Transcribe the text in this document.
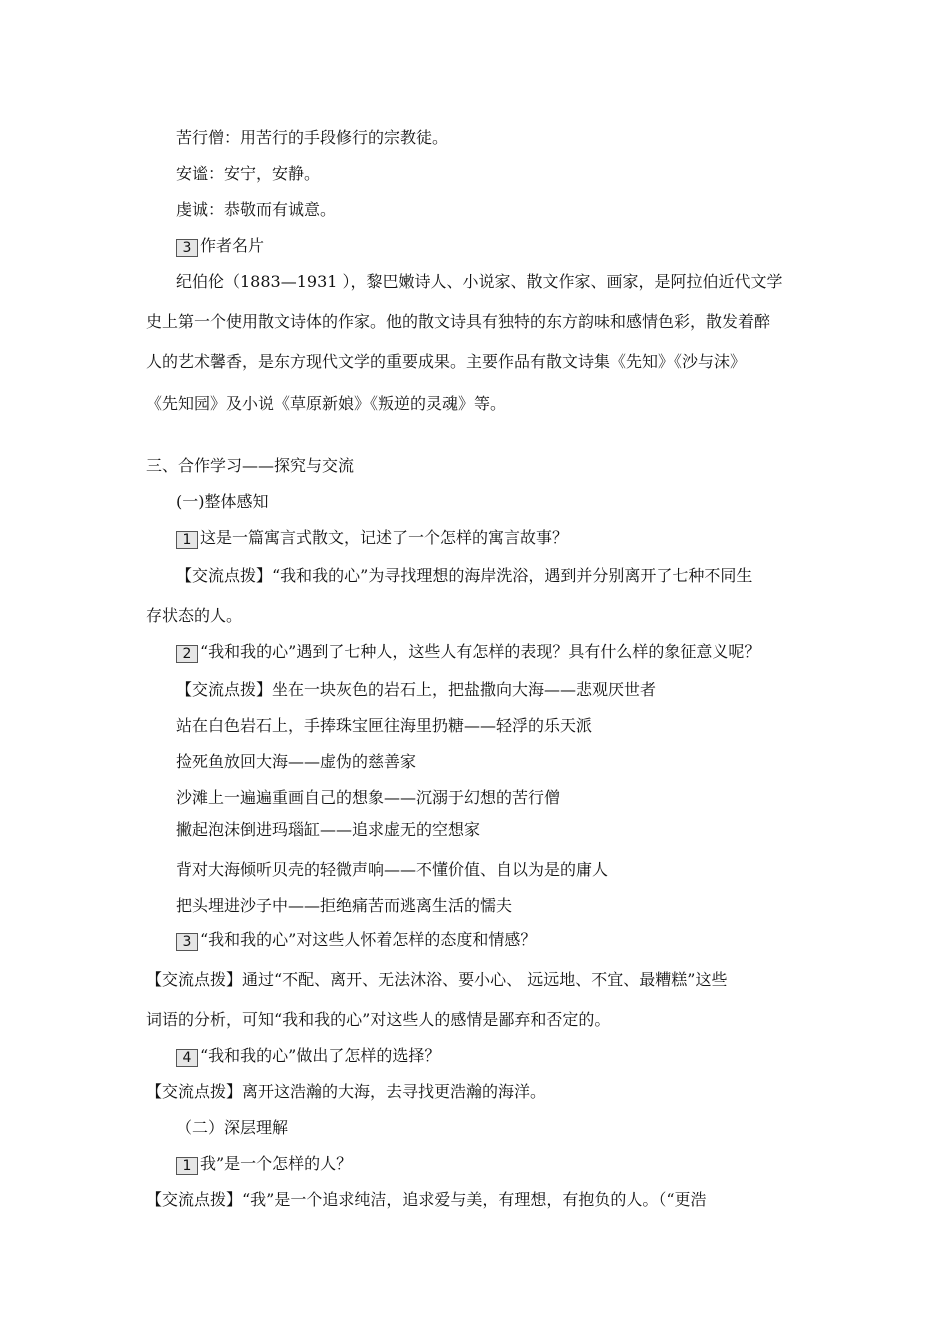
苦行僧：用苦行的手段修行的宗教徒。
安谧：安宁，安静。
虔诚：恭敬而有诚意。
3 作者名片
纪伯伦（1883—1931 ），黎巴嫩诗人、小说家、散文作家、画家，是阿拉伯近代文学
史上第一个使用散文诗体的作家。他的散文诗具有独特的东方韵味和感情色彩，散发着醉
人的艺术馨香，是东方现代文学的重要成果。主要作品有散文诗集《先知》《沙与沫》
《先知园》及小说《草原新娘》《叛逆的灵魂》等。
三、合作学习——探究与交流
(一)整体感知
1 这是一篇寓言式散文，记述了一个怎样的寓言故事？
【交流点拨】“我和我的心”为寻找理想的海岸洗浴，遇到并分别离开了七种不同生
存状态的人。
2 “我和我的心”遇到了七种人，这些人有怎样的表现？具有什么样的象征意义呢？
【交流点拨】坐在一块灰色的岩石上，把盐撒向大海——悲观厌世者
站在白色岩石上，手捧珠宝匣往海里扔糖——轻浮的乐天派
捡死鱼放回大海——虚伪的慈善家
沙滩上一遍遍重画自己的想象——沉溺于幻想的苦行僧
撇起泡沫倒进玛瑙缸——追求虚无的空想家
背对大海倾听贝壳的轻微声响——不懂价值、自以为是的庸人
把头埋进沙子中——拒绝痛苦而逃离生活的懦夫
3 “我和我的心”对这些人怀着怎样的态度和情感？
【交流点拨】通过“不配、离开、无法沐浴、要小心、 远远地、不宜、最糟糕”这些
词语的分析，可知“我和我的心”对这些人的感情是鄙弃和否定的。
4 “我和我的心”做出了怎样的选择？
【交流点拨】离开这浩瀚的大海，去寻找更浩瀚的海洋。
（二）深层理解
1 我”是一个怎样的人？
【交流点拨】“我”是一个追求纯洁，追求爱与美，有理想，有抱负的人。（“更浩
